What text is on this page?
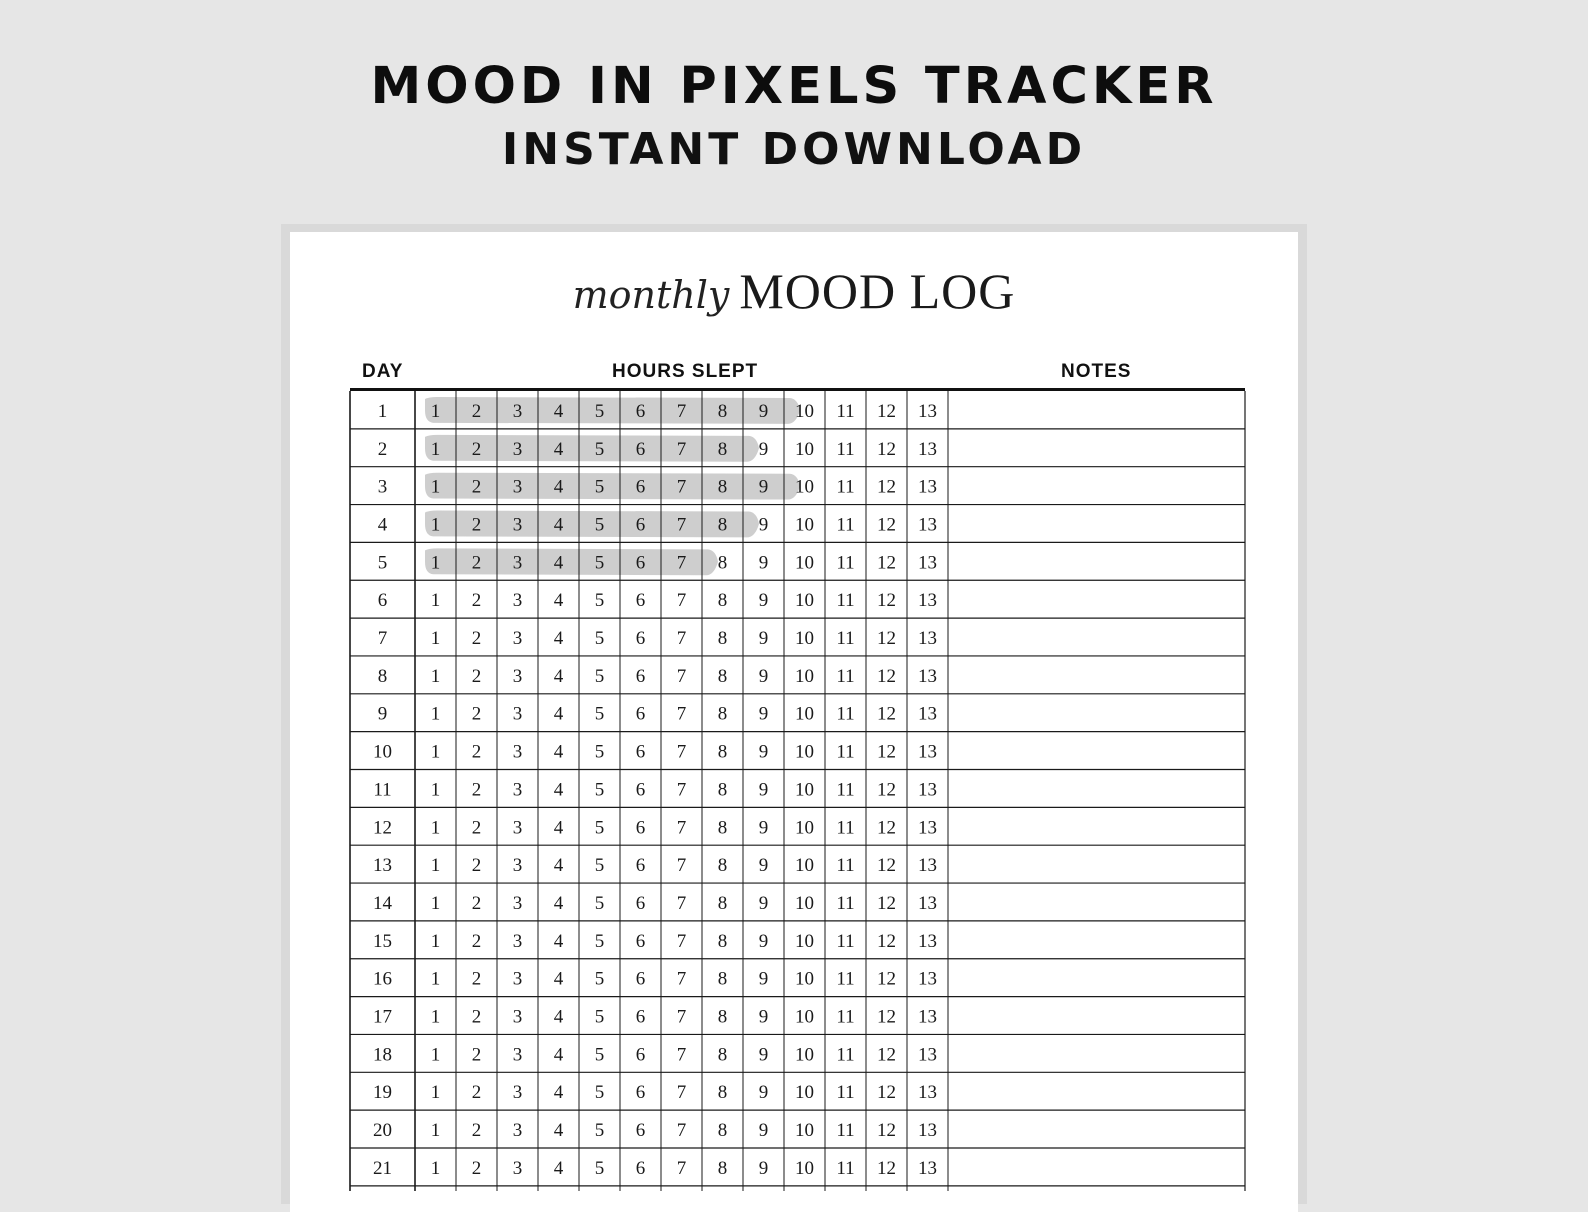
MOOD IN PIXELS TRACKER
INSTANT DOWNLOAD
monthly MOOD LOG
DAY	HOURS SLEPT	NOTES
1 1 2 3 4 5 6 7 8 9 10 11 12 13
2 1 2 3 4 5 6 7 8 9 10 11 12 13
3 1 2 3 4 5 6 7 8 9 10 11 12 13
4 1 2 3 4 5 6 7 8 9 10 11 12 13
5 1 2 3 4 5 6 7 8 9 10 11 12 13
6 1 2 3 4 5 6 7 8 9 10 11 12 13
7 1 2 3 4 5 6 7 8 9 10 11 12 13
8 1 2 3 4 5 6 7 8 9 10 11 12 13
9 1 2 3 4 5 6 7 8 9 10 11 12 13
10 1 2 3 4 5 6 7 8 9 10 11 12 13
11 1 2 3 4 5 6 7 8 9 10 11 12 13
12 1 2 3 4 5 6 7 8 9 10 11 12 13
13 1 2 3 4 5 6 7 8 9 10 11 12 13
14 1 2 3 4 5 6 7 8 9 10 11 12 13
15 1 2 3 4 5 6 7 8 9 10 11 12 13
16 1 2 3 4 5 6 7 8 9 10 11 12 13
17 1 2 3 4 5 6 7 8 9 10 11 12 13
18 1 2 3 4 5 6 7 8 9 10 11 12 13
19 1 2 3 4 5 6 7 8 9 10 11 12 13
20 1 2 3 4 5 6 7 8 9 10 11 12 13
21 1 2 3 4 5 6 7 8 9 10 11 12 13
